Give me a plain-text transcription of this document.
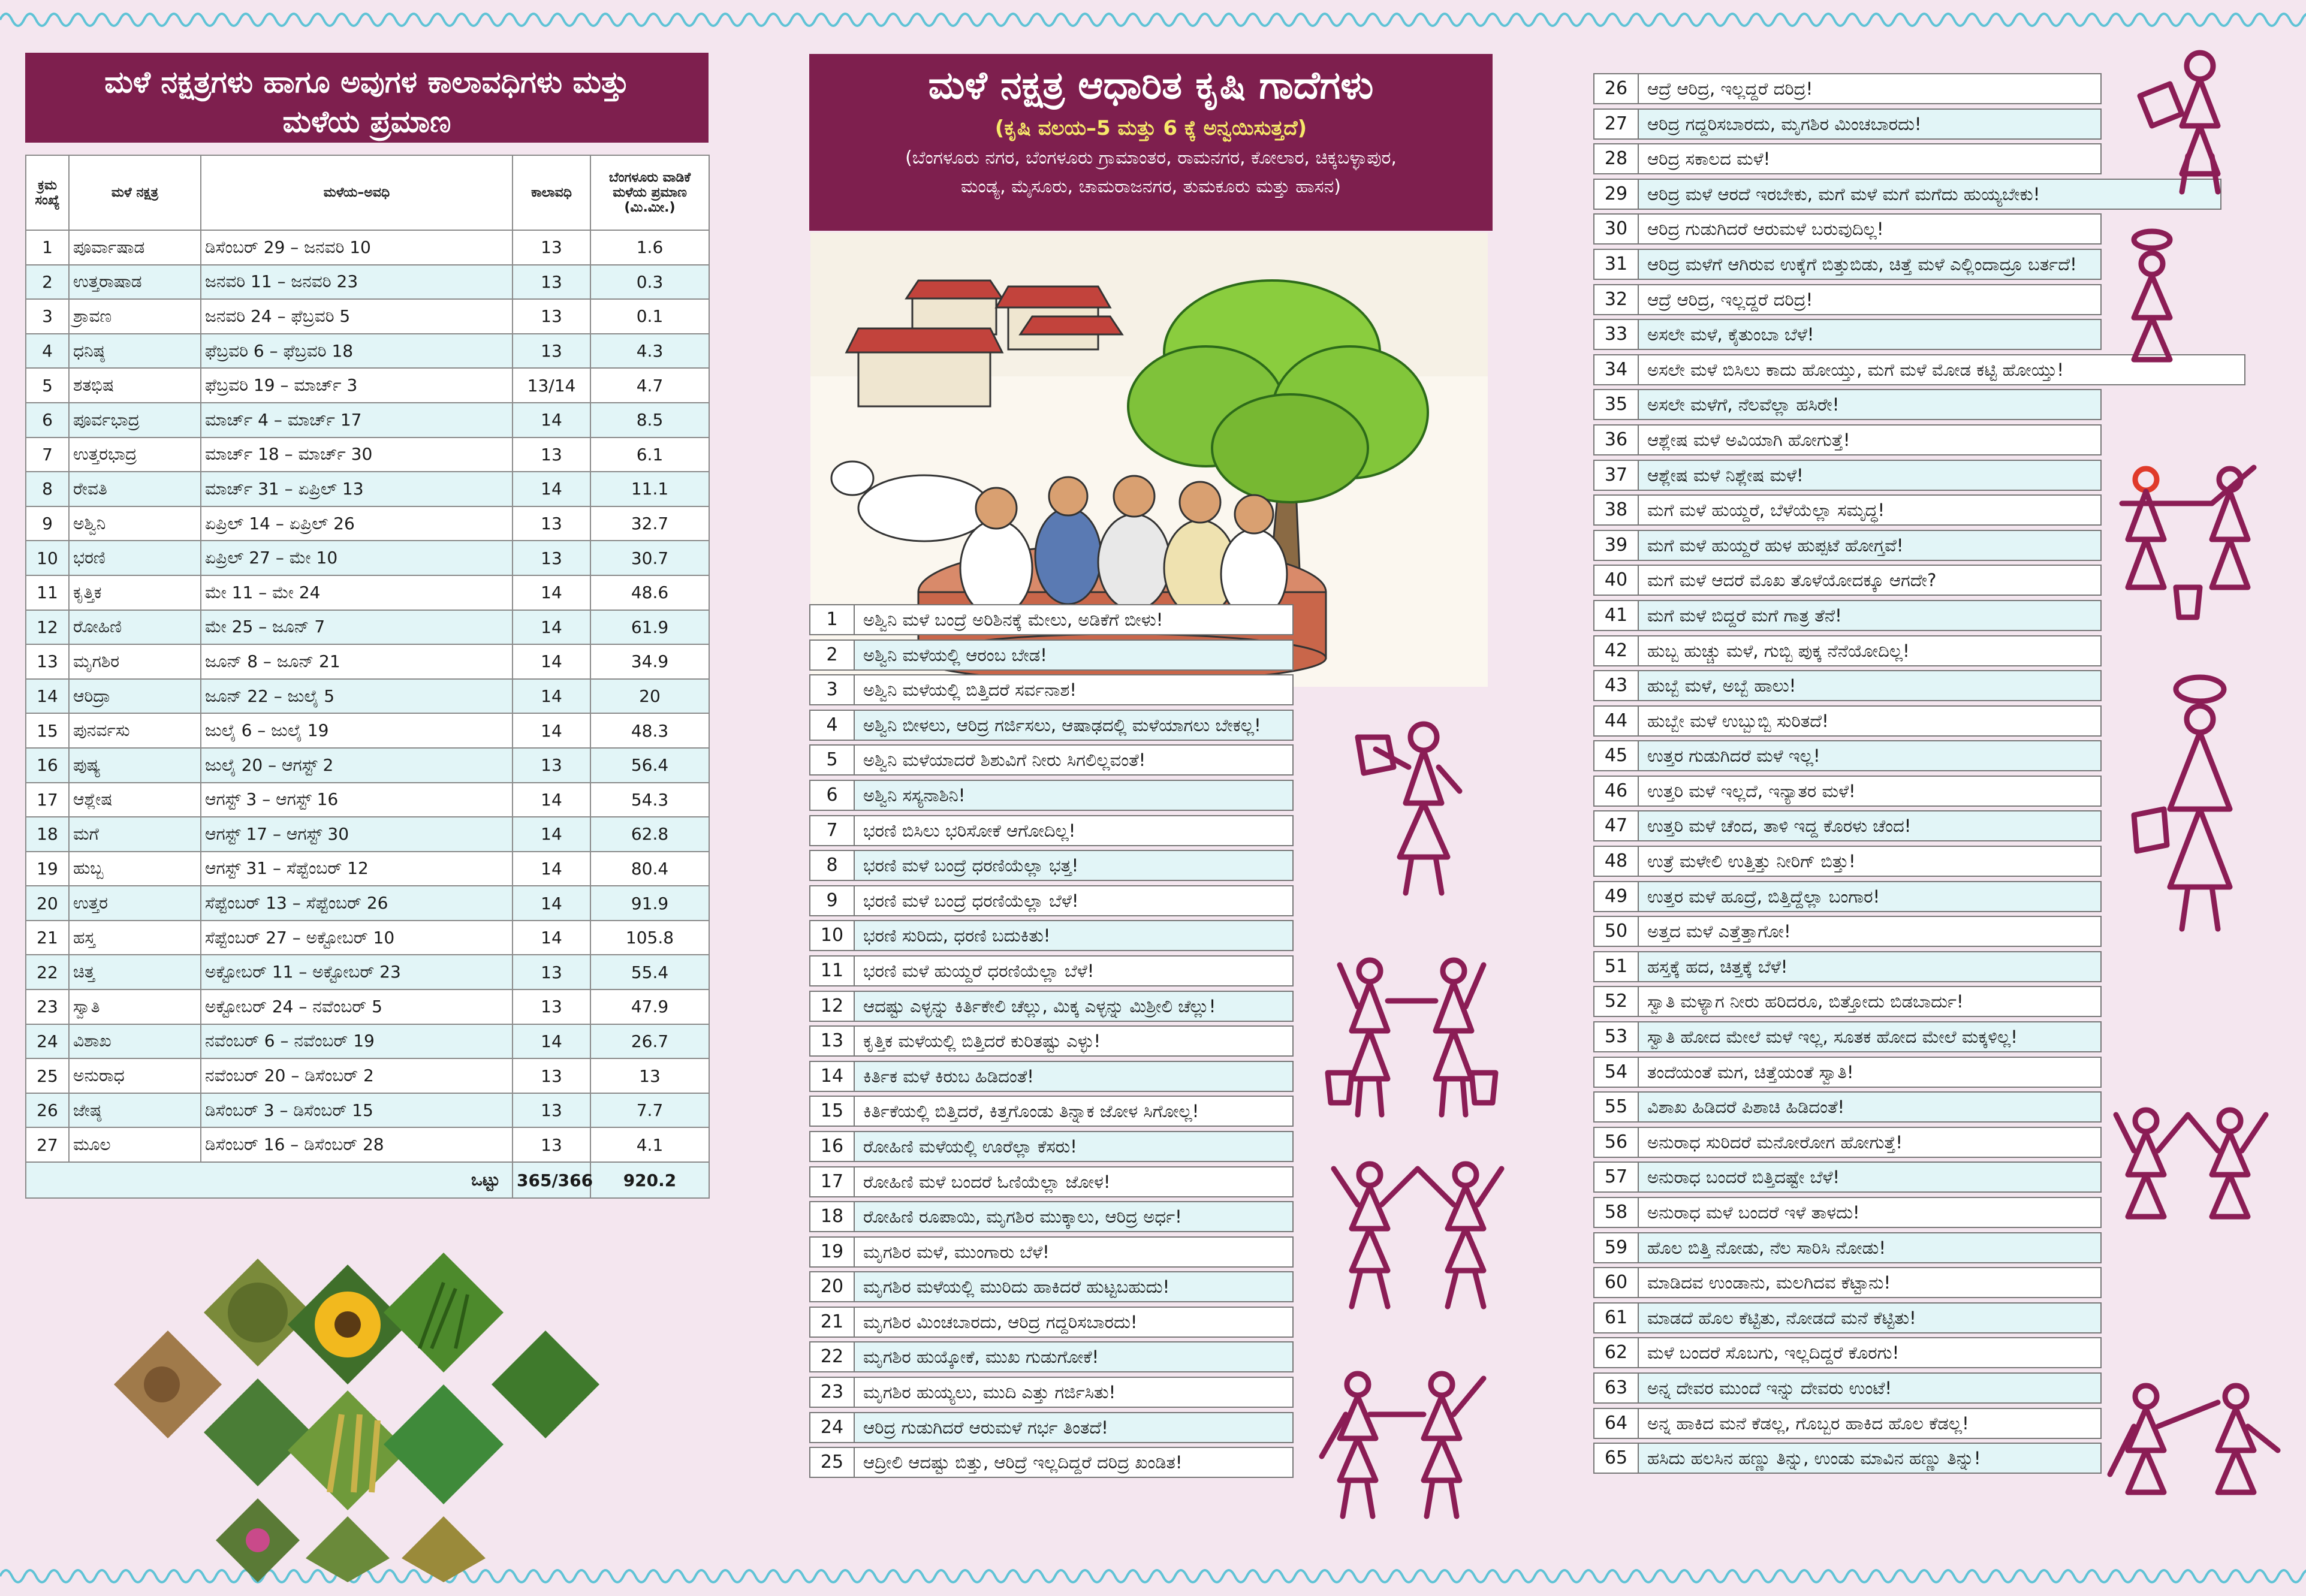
ಮಳೆ ನಕ್ಷತ್ರಗಳು ಹಾಗೂ ಅವುಗಳ ಕಾಲಾವಧಿಗಳು ಮತ್ತು
ಮಳೆಯ ಪ್ರಮಾಣ
ಕ್ರಮ ಸಂಖ್ಯೆ	ಮಳೆ ನಕ್ಷತ್ರ	ಮಳೆಯ–ಅವಧಿ	ಕಾಲಾವಧಿ	ಬೆಂಗಳೂರು ವಾಡಿಕೆ ಮಳೆಯ ಪ್ರಮಾಣ (ಮಿ.ಮೀ.)
1	ಪೂರ್ವಾಷಾಡ	ಡಿಸೆಂಬರ್ 29 – ಜನವರಿ 10	13	1.6
2	ಉತ್ತರಾಷಾಡ	ಜನವರಿ 11 – ಜನವರಿ 23	13	0.3
3	ಶ್ರಾವಣ	ಜನವರಿ 24 – ಫೆಬ್ರವರಿ 5	13	0.1
4	ಧನಿಷ್ಠ	ಫೆಬ್ರವರಿ 6 – ಫೆಬ್ರವರಿ 18	13	4.3
5	ಶತಭಿಷ	ಫೆಬ್ರವರಿ 19 – ಮಾರ್ಚ್ 3	13/14	4.7
6	ಪೂರ್ವಭಾದ್ರ	ಮಾರ್ಚ್ 4 – ಮಾರ್ಚ್ 17	14	8.5
7	ಉತ್ತರಭಾದ್ರ	ಮಾರ್ಚ್ 18 – ಮಾರ್ಚ್ 30	13	6.1
8	ರೇವತಿ	ಮಾರ್ಚ್ 31 – ಏಪ್ರಿಲ್ 13	14	11.1
9	ಅಶ್ವಿನಿ	ಏಪ್ರಿಲ್ 14 – ಏಪ್ರಿಲ್ 26	13	32.7
10	ಭರಣಿ	ಏಪ್ರಿಲ್ 27 – ಮೇ 10	13	30.7
11	ಕೃತ್ತಿಕ	ಮೇ 11 – ಮೇ 24	14	48.6
12	ರೋಹಿಣಿ	ಮೇ 25 – ಜೂನ್ 7	14	61.9
13	ಮೃಗಶಿರ	ಜೂನ್ 8 – ಜೂನ್ 21	14	34.9
14	ಆರಿದ್ರಾ	ಜೂನ್ 22 – ಜುಲೈ 5	14	20
15	ಪುನರ್ವಸು	ಜುಲೈ 6 – ಜುಲೈ 19	14	48.3
16	ಪುಷ್ಯ	ಜುಲೈ 20 – ಆಗಸ್ಟ್ 2	13	56.4
17	ಆಶ್ಲೇಷ	ಆಗಸ್ಟ್ 3 – ಆಗಸ್ಟ್ 16	14	54.3
18	ಮಗೆ	ಆಗಸ್ಟ್ 17 – ಆಗಸ್ಟ್ 30	14	62.8
19	ಹುಬ್ಬ	ಆಗಸ್ಟ್ 31 – ಸೆಪ್ಟೆಂಬರ್ 12	14	80.4
20	ಉತ್ತರ	ಸೆಪ್ಟೆಂಬರ್ 13 – ಸೆಪ್ಟೆಂಬರ್ 26	14	91.9
21	ಹಸ್ತ	ಸೆಪ್ಟೆಂಬರ್ 27 – ಅಕ್ಟೋಬರ್ 10	14	105.8
22	ಚಿತ್ತ	ಅಕ್ಟೋಬರ್ 11 – ಅಕ್ಟೋಬರ್ 23	13	55.4
23	ಸ್ವಾತಿ	ಅಕ್ಟೋಬರ್ 24 – ನವೆಂಬರ್ 5	13	47.9
24	ವಿಶಾಖ	ನವೆಂಬರ್ 6 – ನವೆಂಬರ್ 19	14	26.7
25	ಅನುರಾಧ	ನವೆಂಬರ್ 20 – ಡಿಸೆಂಬರ್ 2	13	13
26	ಜೇಷ್ಠ	ಡಿಸೆಂಬರ್ 3 – ಡಿಸೆಂಬರ್ 15	13	7.7
27	ಮೂಲ	ಡಿಸೆಂಬರ್ 16 – ಡಿಸೆಂಬರ್ 28	13	4.1
ಒಟ್ಟು			365/366	920.2
ಮಳೆ ನಕ್ಷತ್ರ ಆಧಾರಿತ ಕೃಷಿ ಗಾದೆಗಳು
(ಕೃಷಿ ವಲಯ–5 ಮತ್ತು 6 ಕ್ಕೆ ಅನ್ವಯಿಸುತ್ತದೆ)
(ಬೆಂಗಳೂರು ನಗರ, ಬೆಂಗಳೂರು ಗ್ರಾಮಾಂತರ, ರಾಮನಗರ, ಕೋಲಾರ, ಚಿಕ್ಕಬಳ್ಳಾಪುರ,
ಮಂಡ್ಯ, ಮೈಸೂರು, ಚಾಮರಾಜನಗರ, ತುಮಕೂರು ಮತ್ತು ಹಾಸನ)
1	ಅಶ್ವಿನಿ ಮಳೆ ಬಂದ್ರೆ ಅರಿಶಿನಕ್ಕೆ ಮೇಲು, ಅಡಿಕೆಗೆ ಬೀಳು!
2	ಅಶ್ವಿನಿ ಮಳೆಯಲ್ಲಿ ಆರಂಬ ಬೇಡ!
3	ಅಶ್ವಿನಿ ಮಳೆಯಲ್ಲಿ ಬಿತ್ತಿದರೆ ಸರ್ವನಾಶ!
4	ಅಶ್ವಿನಿ ಬೀಳಲು, ಆರಿದ್ರ ಗರ್ಜಿಸಲು, ಆಷಾಢದಲ್ಲಿ ಮಳೆಯಾಗಲು ಬೇಕಲ್ಲ!
5	ಅಶ್ವಿನಿ ಮಳೆಯಾದರೆ ಶಿಶುವಿಗೆ ನೀರು ಸಿಗಲಿಲ್ಲವಂತೆ!
6	ಅಶ್ವಿನಿ ಸಸ್ಯನಾಶಿನಿ!
7	ಭರಣಿ ಬಿಸಿಲು ಭರಿಸೋಕೆ ಆಗೋದಿಲ್ಲ!
8	ಭರಣಿ ಮಳೆ ಬಂದ್ರೆ ಧರಣಿಯೆಲ್ಲಾ ಭತ್ತ!
9	ಭರಣಿ ಮಳೆ ಬಂದ್ರೆ ಧರಣಿಯೆಲ್ಲಾ ಬೆಳೆ!
10	ಭರಣಿ ಸುರಿದು, ಧರಣಿ ಬದುಕಿತು!
11	ಭರಣಿ ಮಳೆ ಹುಯ್ದರೆ ಧರಣಿಯೆಲ್ಲಾ ಬೆಳೆ!
12	ಆದಷ್ಟು ಎಳ್ಳನ್ನು ಕಿರ್ತಿಕೇಲಿ ಚೆಲ್ಲು, ಮಿಕ್ಕ ಎಳ್ಳನ್ನು ಮಿಶ್ರೀಲಿ ಚೆಲ್ಲು!
13	ಕೃತ್ತಿಕ ಮಳೆಯಲ್ಲಿ ಬಿತ್ತಿದರೆ ಕುರಿತಷ್ಟು ಎಳ್ಳು!
14	ಕಿರ್ತಿಕ ಮಳೆ ಕಿರುಬ ಹಿಡಿದಂತೆ!
15	ಕಿರ್ತಿಕೆಯಲ್ಲಿ ಬಿತ್ತಿದರೆ, ಕಿತ್ತಗೊಂಡು ತಿನ್ನಾಕ ಜೋಳ ಸಿಗೋಲ್ಲ!
16	ರೋಹಿಣಿ ಮಳೆಯಲ್ಲಿ ಊರೆಲ್ಲಾ ಕೆಸರು!
17	ರೋಹಿಣಿ ಮಳೆ ಬಂದರೆ ಓಣಿಯೆಲ್ಲಾ ಜೋಳ!
18	ರೋಹಿಣಿ ರೂಪಾಯಿ, ಮೃಗಶಿರ ಮುಕ್ಕಾಲು, ಆರಿದ್ರ ಅರ್ಧ!
19	ಮೃಗಶಿರ ಮಳೆ, ಮುಂಗಾರು ಬೆಳೆ!
20	ಮೃಗಶಿರ ಮಳೆಯಲ್ಲಿ ಮುರಿದು ಹಾಕಿದರೆ ಹುಟ್ಟಬಹುದು!
21	ಮೃಗಶಿರ ಮಿಂಚಬಾರದು, ಆರಿದ್ರ ಗದ್ದರಿಸಬಾರದು!
22	ಮೃಗಶಿರ ಹುಯ್ಕೋಕೆ, ಮುಖ ಗುಡುಗೋಕೆ!
23	ಮೃಗಶಿರ ಹುಯ್ಯಲು, ಮುದಿ ಎತ್ತು ಗರ್ಜಿಸಿತು!
24	ಆರಿದ್ರ ಗುಡುಗಿದರೆ ಆರುಮಳೆ ಗರ್ಭ ತಿಂತದೆ!
25	ಆದ್ರೀಲಿ ಆದಷ್ಟು ಬಿತ್ತು, ಆರಿದ್ರೆ ಇಲ್ಲದಿದ್ದರೆ ದರಿದ್ರ ಖಂಡಿತ!
26	ಆದ್ರೆ ಆರಿದ್ರ, ಇಲ್ಲದ್ದರೆ ದರಿದ್ರ!
27	ಆರಿದ್ರ ಗದ್ದರಿಸಬಾರದು, ಮೃಗಶಿರ ಮಿಂಚಬಾರದು!
28	ಆರಿದ್ರ ಸಕಾಲದ ಮಳೆ!
29	ಆರಿದ್ರ ಮಳೆ ಆರದೆ ಇರಬೇಕು, ಮಗೆ ಮಳೆ ಮಗೆ ಮಗೆದು ಹುಯ್ಯಬೇಕು!
30	ಆರಿದ್ರ ಗುಡುಗಿದರೆ ಆರುಮಳೆ ಬರುವುದಿಲ್ಲ!
31	ಆರಿದ್ರ ಮಳೆಗೆ ಆಗಿರುವ ಉಕ್ಕೆಗೆ ಬಿತ್ತುಬಿಡು, ಚಿತ್ತೆ ಮಳೆ ಎಲ್ಲಿಂದಾದ್ರೂ ಬರ್ತದೆ!
32	ಆದ್ರೆ ಆರಿದ್ರ, ಇಲ್ಲದ್ದರೆ ದರಿದ್ರ!
33	ಅಸಲೇ ಮಳೆ, ಕೈತುಂಬಾ ಬೆಳೆ!
34	ಅಸಲೇ ಮಳೆ ಬಿಸಿಲು ಕಾದು ಹೋಯ್ತು, ಮಗೆ ಮಳೆ ಮೋಡ ಕಟ್ಟಿ ಹೋಯ್ತು!
35	ಅಸಲೇ ಮಳೆಗೆ, ನೆಲವೆಲ್ಲಾ ಹಸಿರೇ!
36	ಆಶ್ಲೇಷ ಮಳೆ ಅವಿಯಾಗಿ ಹೋಗುತ್ತೆ!
37	ಆಶ್ಲೇಷ ಮಳೆ ನಿಶ್ಲೇಷ ಮಳೆ!
38	ಮಗೆ ಮಳೆ ಹುಯ್ದರೆ, ಬೆಳೆಯೆಲ್ಲಾ ಸಮೃದ್ಧ!
39	ಮಗೆ ಮಳೆ ಹುಯ್ದರೆ ಹುಳ ಹುಪ್ಪಟೆ ಹೋಗ್ತವೆ!
40	ಮಗೆ ಮಳೆ ಆದರೆ ಮೊಖ ತೊಳೆಯೋದಕ್ಕೂ ಆಗದೇ?
41	ಮಗೆ ಮಳೆ ಬಿದ್ದರೆ ಮಗೆ ಗಾತ್ರ ತೆನೆ!
42	ಹುಬ್ಬ ಹುಚ್ಚು ಮಳೆ, ಗುಬ್ಬಿ ಪುಕ್ಕ ನೆನೆಯೋದಿಲ್ಲ!
43	ಹುಬ್ಬೆ ಮಳೆ, ಅಬ್ಬೆ ಹಾಲು!
44	ಹುಬ್ಬೇ ಮಳೆ ಉಬ್ಬುಬ್ಬಿ ಸುರಿತದೆ!
45	ಉತ್ತರ ಗುಡುಗಿದರೆ ಮಳೆ ಇಲ್ಲ!
46	ಉತ್ತರಿ ಮಳೆ ಇಲ್ಲದೆ, ಇನ್ಯಾತರ ಮಳೆ!
47	ಉತ್ತರಿ ಮಳೆ ಚೆಂದ, ತಾಳಿ ಇದ್ದ ಕೊರಳು ಚೆಂದ!
48	ಉತ್ರೆ ಮಳೇಲಿ ಉತ್ತಿತ್ತು ನೀರಿಗ್ ಬಿತ್ತು!
49	ಉತ್ತರ ಮಳೆ ಹೂದ್ರೆ, ಬಿತ್ತಿದ್ದೆಲ್ಲಾ ಬಂಗಾರ!
50	ಅತ್ತದ ಮಳೆ ಎತ್ತೆತ್ತಾಗೋ!
51	ಹಸ್ತಕ್ಕೆ ಹದ, ಚಿತ್ತಕ್ಕೆ ಬೆಳೆ!
52	ಸ್ವಾತಿ ಮಳ್ಯಾಗ ನೀರು ಹರಿದರೂ, ಬಿತ್ತೋದು ಬಿಡಬಾರ್ದು!
53	ಸ್ವಾತಿ ಹೋದ ಮೇಲೆ ಮಳೆ ಇಲ್ಲ, ಸೂತಕ ಹೋದ ಮೇಲೆ ಮಕ್ಕಳಿಲ್ಲ!
54	ತಂದೆಯಂತೆ ಮಗ, ಚಿತ್ತೆಯಂತೆ ಸ್ವಾತಿ!
55	ವಿಶಾಖ ಹಿಡಿದರೆ ಪಿಶಾಚಿ ಹಿಡಿದಂತೆ!
56	ಅನುರಾಧ ಸುರಿದರೆ ಮನೋರೋಗ ಹೋಗುತ್ತೆ!
57	ಅನುರಾಧ ಬಂದರೆ ಬಿತ್ತಿದಷ್ಟೇ ಬೆಳೆ!
58	ಅನುರಾಧ ಮಳೆ ಬಂದರೆ ಇಳೆ ತಾಳದು!
59	ಹೊಲ ಬಿತ್ತಿ ನೋಡು, ನೆಲ ಸಾರಿಸಿ ನೋಡು!
60	ಮಾಡಿದವ ಉಂಡಾನು, ಮಲಗಿದವ ಕೆಟ್ಟಾನು!
61	ಮಾಡದೆ ಹೊಲ ಕೆಟ್ಟಿತು, ನೋಡದೆ ಮನೆ ಕೆಟ್ಟಿತು!
62	ಮಳೆ ಬಂದರೆ ಸೊಬಗು, ಇಲ್ಲದಿದ್ದರೆ ಕೊರಗು!
63	ಅನ್ನ ದೇವರ ಮುಂದೆ ಇನ್ನು ದೇವರು ಉಂಟೆ!
64	ಅನ್ನ ಹಾಕಿದ ಮನೆ ಕೆಡಲ್ಲ, ಗೊಬ್ಬರ ಹಾಕಿದ ಹೊಲ ಕೆಡಲ್ಲ!
65	ಹಸಿದು ಹಲಸಿನ ಹಣ್ಣು ತಿನ್ನು, ಉಂಡು ಮಾವಿನ ಹಣ್ಣು ತಿನ್ನು!
